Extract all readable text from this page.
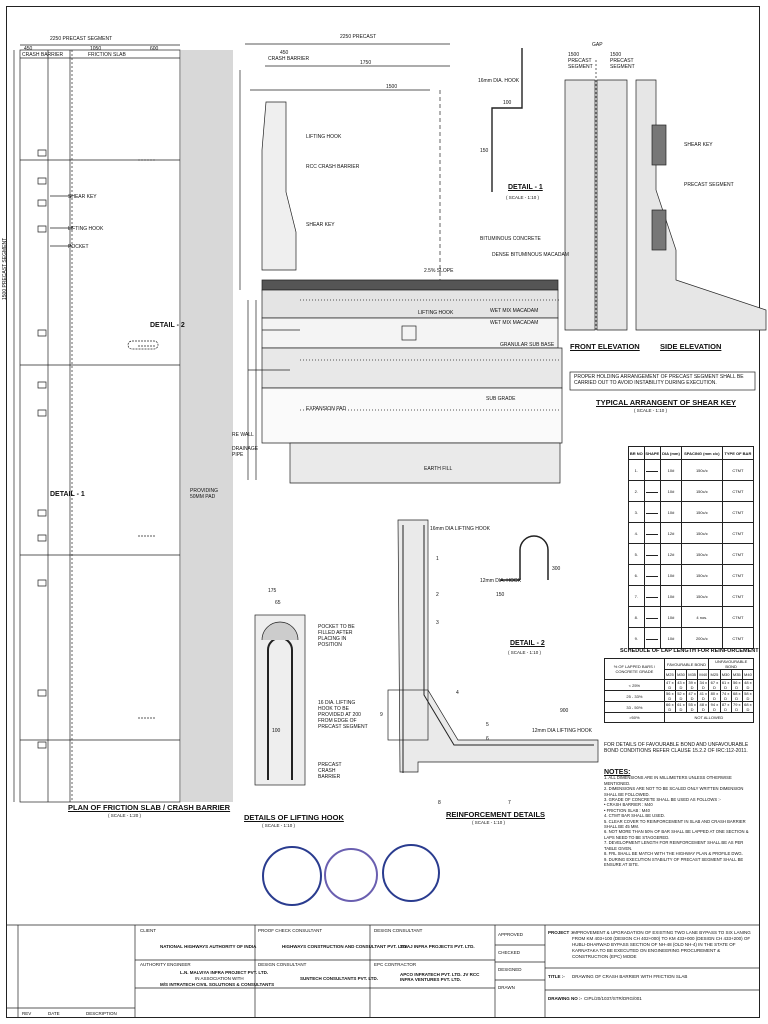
2250 PRECAST SEGMENT
450	1050	600
CRASH BARRIER	FRICTION SLAB
SHEAR KEY
LIFTING HOOK
POCKET
DETAIL - 2
DETAIL - 1
1500 PRECAST SEGMENT
PROVIDING 50MM PAD
PLAN OF FRICTION SLAB / CRASH BARRIER
( SCALE - 1:20 )
2250 PRECAST
CRASH BARRIER
450
1750
1500
LIFTING HOOK
RCC CRASH BARRIER
SHEAR KEY
BITUMINOUS CONCRETE
DENSE BITUMINOUS MACADAM
2.5% SLOPE
WET MIX MACADAM
WET MIX MACADAM
GRANULAR SUB BASE
LIFTING HOOK
SUB GRADE
EXPANSION PAD
RE WALL
DRAINAGE PIPE
EARTH FILL
16mm DIA. HOOK
100
150
DETAIL - 1
( SCALE - 1:10 )
GAP
1500 PRECAST SEGMENT
1500 PRECAST SEGMENT
SHEAR KEY
PRECAST SEGMENT
FRONT ELEVATION	SIDE ELEVATION
PROPER HOLDING ARRANGEMENT OF PRECAST SEGMENT SHALL BE CARRIED OUT TO AVOID INSTABILITY DURING EXECUTION.
TYPICAL ARRANGENT OF SHEAR KEY
( SCALE - 1:10 )
BR NO	SHAPE	DIA (mm)	SPACING (mm c/c)	TYPE OF BAR
1.		10#	150c/c	CTMT
2.		10#	150c/c	CTMT
3.		10#	150c/c	CTMT
4.		12#	150c/c	CTMT
5.		12#	150c/c	CTMT
6.		10#	150c/c	CTMT
7.		10#	150c/c	CTMT
8.		10#	4 nos.	CTMT
9.		10#	200c/c	CTMT
12mm DIA. HOOK
150
300
DETAIL - 2
( SCALE - 1:10 )
175
65
100
POCKET TO BE FILLED AFTER PLACING IN POSITION
16 DIA. LIFTING HOOK TO BE PROVIDED AT 200 FROM EDGE OF PRECAST SEGMENT
PRECAST CRASH BARRIER
DETAILS OF LIFTING HOOK
( SCALE - 1:10 )
16mm DIA LIFTING HOOK
12mm DIA LIFTING HOOK
900
1
2
3
4
5
6
7
8
9
REINFORCEMENT DETAILS
( SCALE - 1:10 )
SCHEDULE OF LAP LENGTH FOR REINFORCEMENT
% OF LAPPED BARS / CONCRETE GRADE	FAVOURABLE BOND				UNFAVOURABLE BOND			
	M25	M30	M35	M40	M25	M30	M35	M40
< 25%	47 x D	43 x D	39 x D	34 x D	67 x D	61 x D	56 x D	48 x D
25 - 33%	56 x D	52 x D	47 x D	41 x D	80 x D	74 x D	68 x D	58 x D
33 - 50%	66 x D	61 x D	55 x D	48 x D	94 x D	87 x D	79 x D	68 x D
>50%	NOT ALLOWED							
FOR DETAILS OF FAVOURABLE BOND AND UNFAVOURABLE BOND CONDITIONS REFER CLAUSE 15.2.2 OF IRC:112-2011.
NOTES:
1. ALL DIMENSIONS ARE IN MILLIMETERS UNLESS OTHERWISE MENTIONED.
2. DIMENSIONS ARE NOT TO BE SCALED ONLY WRITTEN DIMENSION SHALL BE FOLLOWED.
3. GRADE OF CONCRETE SHALL BE USED AS FOLLOWS :-
• CRASH BARRIER : M40
• FRICTION SLAB : M40
4. CTMT BAR SHALL BE USED.
5. CLEAR COVER TO REINFORCEMENT IN SLAB AND CRASH BARRIER SHALL BE 45 MM.
6. NOT MORE THAN 50% OF BAR SHALL BE LAPPED AT ONE SECTION & LAPS NEED TO BE STAGGERED.
7. DEVELOPMENT LENGTH FOR REINFORCEMENT SHALL BE AS PER TABLE GIVEN.
8. FRL SHALL BE MATCH WITH THE HIGHWAY PLAN & PROFILE DWG.
9. DURING EXECUTION STABILITY OF PRECAST SEGMENT SHALL BE ENSURE AT SITE.
CLIENT
NATIONAL HIGHWAYS AUTHORITY OF INDIA
AUTHORITY ENGINEER
L.N. MALVIYA INFRA PROJECT PVT. LTD.
IN ASSOCIATION WITH
M/S INTRATECH CIVIL SOLUTIONS & CONSULTANTS
PROOF CHECK CONSULTANT
HIGHWAYS CONSTRUCTION AND CONSULTANT PVT. LTD.
DESIGN CONSULTANT
SIVAJ INFRA PROJECTS PVT. LTD.
DESIGN CONSULTANT
SUNTECH CONSULTANTS PVT. LTD.
EPC CONTRACTOR
APCO INFRATECH PVT. LTD. JV RCC INFRA VENTURES PVT. LTD.
APPROVED
CHECKED
DESIGNED
DRAWN
PROJECT :-
IMPROVEMENT & UPGRADATION OF EXISTING TWO LANE BYPASS TO SIX LANING FROM KM 403+100 (DESIGN CH 402+000) TO KM 433+000 (DESIGN CH 433+200) OF HUBLI-DHARWAD BYPASS SECTION OF NH-48 (OLD NH-4) IN THE STATE OF KARNATAKA TO BE EXECUTED ON ENGINEERING PROCUREMENT & CONSTRUCTION (EPC) MODE
TITLE :- DRAWING OF CRASH BARRIER WITH FRICTION SLAB
DRAWING NO :- CIPL/20/1037/STR/DRG/001
REV	DATE	DESCRIPTION
